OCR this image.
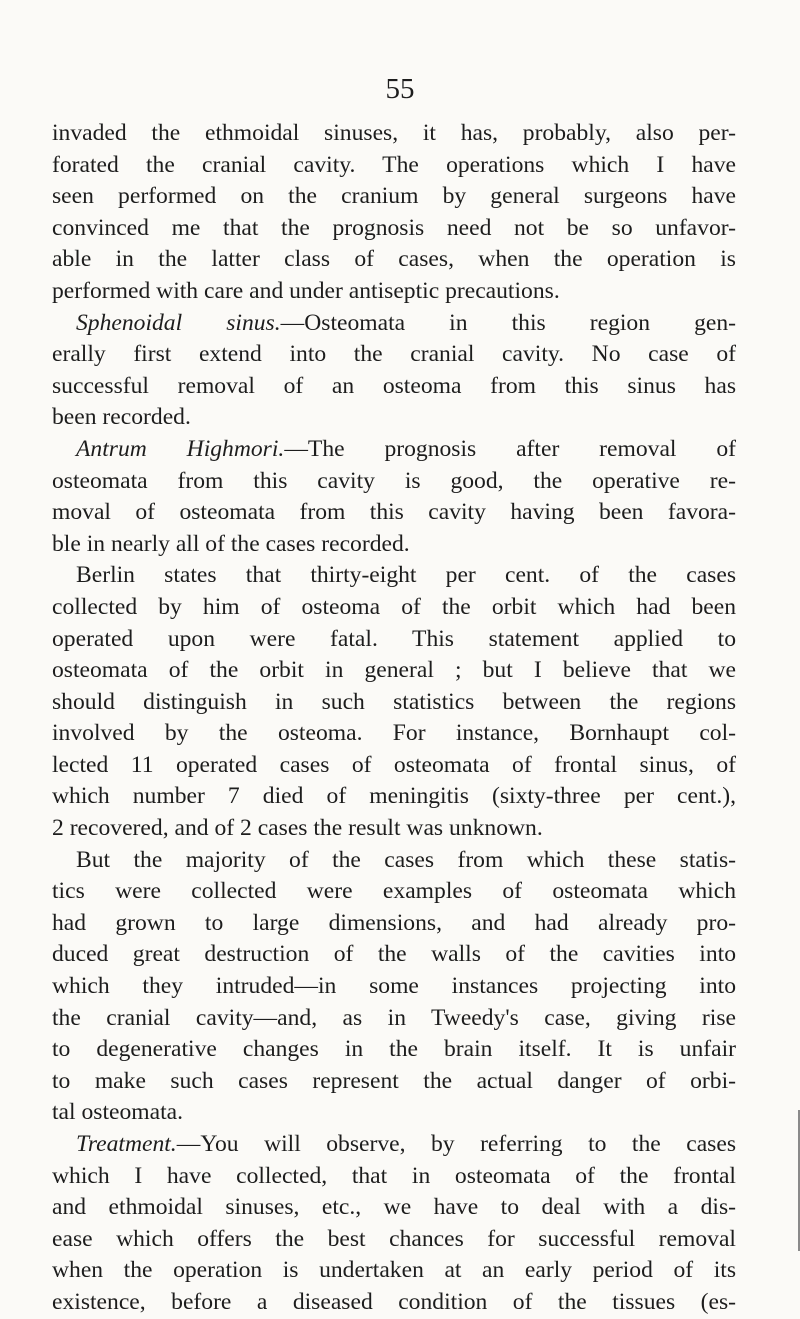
55
invaded the ethmoidal sinuses, it has, probably, also per-
forated the cranial cavity. The operations which I have
seen performed on the cranium by general surgeons have
convinced me that the prognosis need not be so unfavor-
able in the latter class of cases, when the operation is
performed with care and under antiseptic precautions.
Sphenoidal sinus.—Osteomata in this region gen-
erally first extend into the cranial cavity. No case of
successful removal of an osteoma from this sinus has
been recorded.
Antrum Highmori.—The prognosis after removal of
osteomata from this cavity is good, the operative re-
moval of osteomata from this cavity having been favora-
ble in nearly all of the cases recorded.
Berlin states that thirty-eight per cent. of the cases
collected by him of osteoma of the orbit which had been
operated upon were fatal. This statement applied to
osteomata of the orbit in general ; but I believe that we
should distinguish in such statistics between the regions
involved by the osteoma. For instance, Bornhaupt col-
lected 11 operated cases of osteomata of frontal sinus, of
which number 7 died of meningitis (sixty-three per cent.),
2 recovered, and of 2 cases the result was unknown.
But the majority of the cases from which these statis-
tics were collected were examples of osteomata which
had grown to large dimensions, and had already pro-
duced great destruction of the walls of the cavities into
which they intruded—in some instances projecting into
the cranial cavity—and, as in Tweedy's case, giving rise
to degenerative changes in the brain itself. It is unfair
to make such cases represent the actual danger of orbi-
tal osteomata.
Treatment.—You will observe, by referring to the cases
which I have collected, that in osteomata of the frontal
and ethmoidal sinuses, etc., we have to deal with a dis-
ease which offers the best chances for successful removal
when the operation is undertaken at an early period of its
existence, before a diseased condition of the tissues (es-
